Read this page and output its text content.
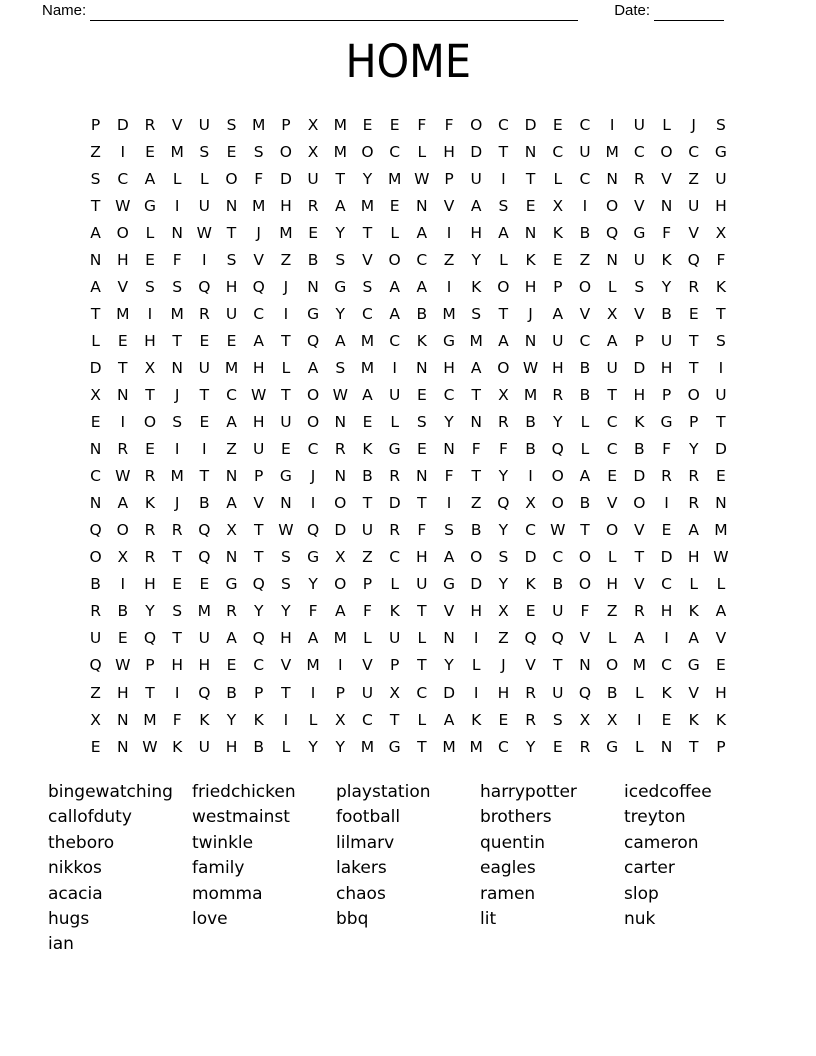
Name:	Date:
HOME
P	D	R	V	U	S	M	P	X M	E	E	F	F	O	C	D	E	C	I	U	L	J	S
Z	I	E	M	S	E	S	O	X M O	C	L	H D	T	N	C	U M C	O	C	G
S	C	A	L	L	O	F	D	U	T	Y	M W P	U	I	T	L	C	N	R	V	Z	U
T W G	I	U	N M H	R	A M	E	N	V	A	S	E	X	I	O	V	N	U	H
A	O	L	N W T	J	M	E	Y	T	L	A	I	H	A	N	K	B	Q G	F	V	X
N	H	E	F	I	S	V	Z	B	S	V	O	C	Z	Y	L	K	E	Z	N	U	K	Q	F
A	V	S	S	Q H Q	J	N G	S	A	A	I	K	O H	P	O	L	S	Y	R	K
T	M	I	M R	U	C	I	G	Y	C	A	B M	S	T	J	A	V	X	V	B	E	T
L	E	H	T	E	E	A	T	Q	A M C	K	G M A	N	U	C	A	P	U	T	S
D	T	X	N	U M H	L	A	S	M	I	N	H	A	O W H	B	U	D H	T	I
X	N	T	J	T	C W T	O W A	U	E	C	T	X M R	B	T	H	P	O U
E	I	O	S	E	A	H	U O N	E	L	S	Y	N	R	B	Y	L	C	K	G	P	T
N	R	E	I	I	Z	U	E	C	R	K	G	E	N	F	F	B	Q	L	C	B	F	Y	D
C W R M	T	N	P	G	J	N	B	R	N	F	T	Y	I	O	A	E	D	R	R	E
N	A	K	J	B	A	V	N	I	O	T	D	T	I	Z	Q	X	O	B	V	O	I	R	N
Q O	R	R	Q	X	T W Q D	U	R	F	S	B	Y	C W T	O	V	E	A M
O	X	R	T	Q N	T	S	G	X	Z	C	H	A	O	S	D	C	O	L	T	D H W
B	I	H	E	E	G Q	S	Y	O	P	L	U	G D	Y	K	B	O H	V	C	L	L
R	B	Y	S	M R	Y	Y	F	A	F	K	T	V	H	X	E	U	F	Z	R	H	K	A
U	E	Q	T	U	A	Q H	A M	L	U	L	N	I	Z	Q Q	V	L	A	I	A	V
Q W P	H	H	E	C	V M	I	V	P	T	Y	L	J	V	T	N O M C	G	E
Z	H	T	I	Q	B	P	T	I	P	U	X	C	D	I	H	R	U Q	B	L	K	V	H
X	N M	F	K	Y	K	I	L	X	C	T	L	A	K	E	R	S	X	X	I	E	K	K
E	N W K	U	H	B	L	Y	Y	M G	T	M M C	Y	E	R	G	L	N	T	P
bingewatching
callofduty
theboro
nikkos
acacia
hugs
ian
friedchicken
westmainst
twinkle
family
momma
love
playstation
football
lilmarv
lakers
chaos
bbq
harrypotter
brothers
quentin
eagles
ramen
lit
icedcoffee
treyton
cameron
carter
slop
nuk
